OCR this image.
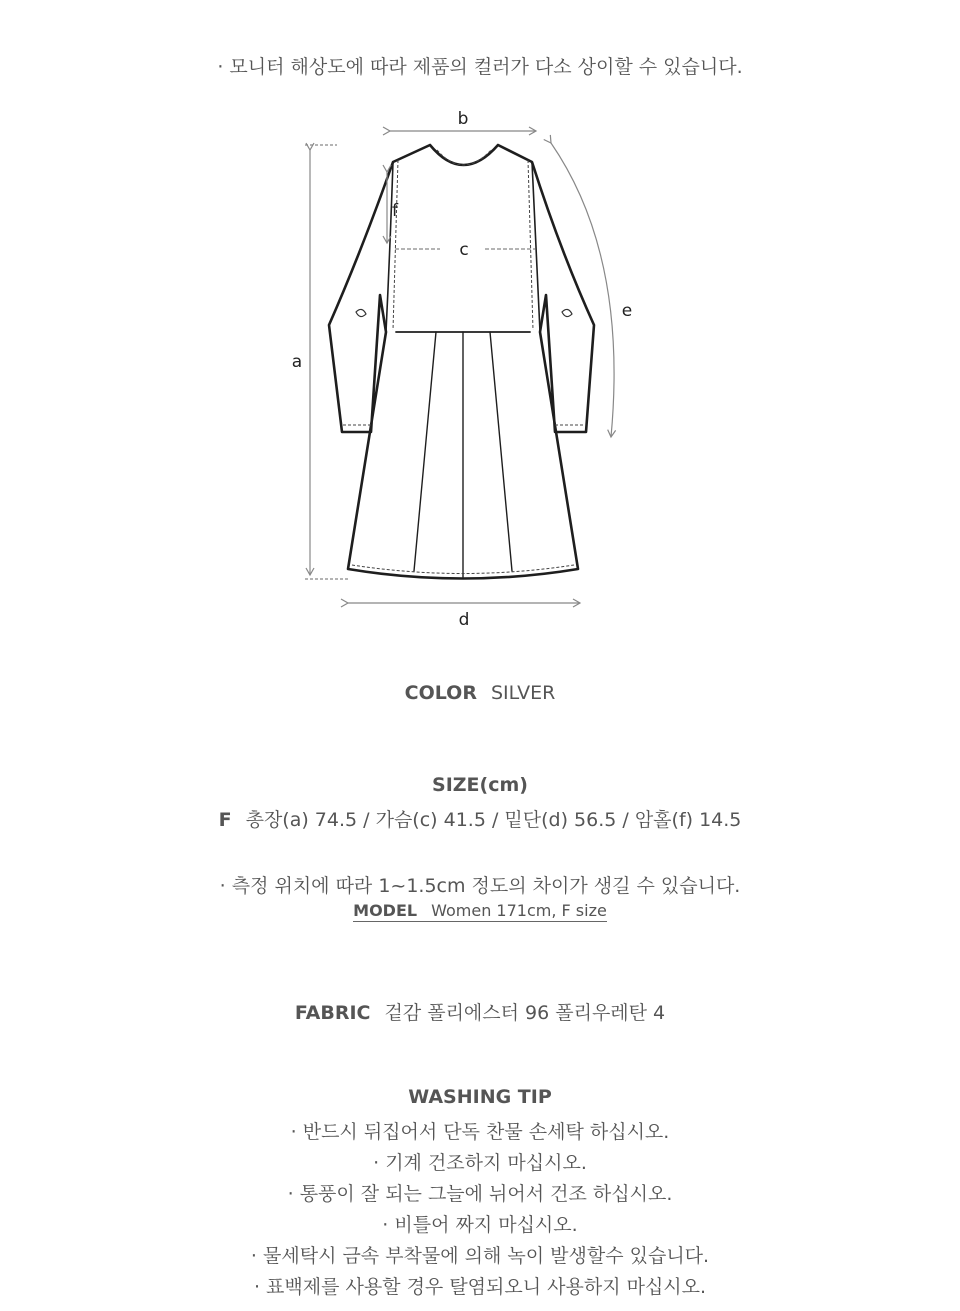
· 모니터 해상도에 따라 제품의 컬러가 다소 상이할 수 있습니다.
a
b
c
d
e
f
COLOR SILVER
SIZE(cm)
F 총장(a) 74.5 / 가슴(c) 41.5 / 밑단(d) 56.5 / 암홀(f) 14.5
· 측정 위치에 따라 1~1.5cm 정도의 차이가 생길 수 있습니다.
MODEL Women 171cm, F size
FABRIC 겉감 폴리에스터 96 폴리우레탄 4
WASHING TIP
· 반드시 뒤집어서 단독 찬물 손세탁 하십시오.
· 기계 건조하지 마십시오.
· 통풍이 잘 되는 그늘에 뉘어서 건조 하십시오.
· 비틀어 짜지 마십시오.
· 물세탁시 금속 부착물에 의해 녹이 발생할수 있습니다.
· 표백제를 사용할 경우 탈염되오니 사용하지 마십시오.
